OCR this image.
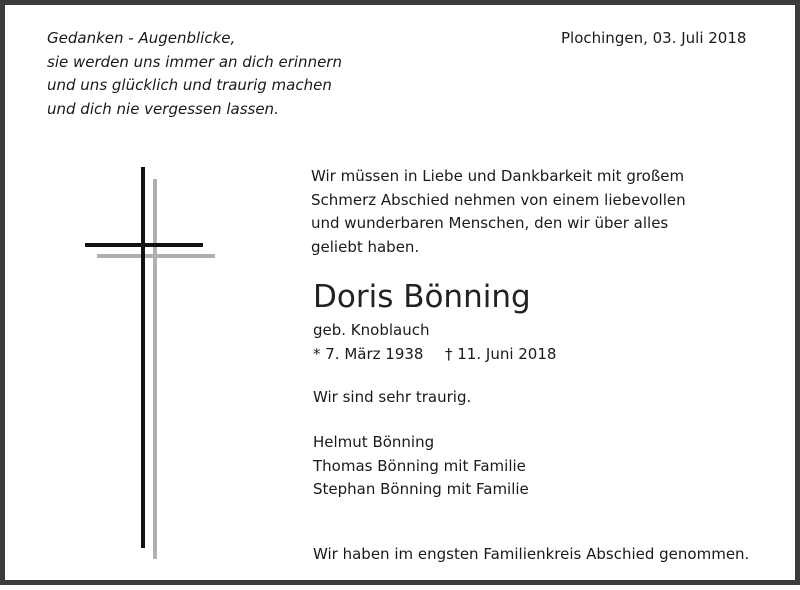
Gedanken - Augenblicke,
sie werden uns immer an dich erinnern
und uns glücklich und traurig machen
und dich nie vergessen lassen.
Plochingen, 03. Juli 2018
Wir müssen in Liebe und Dankbarkeit mit großem
Schmerz Abschied nehmen von einem liebevollen
und wunderbaren Menschen, den wir über alles
geliebt haben.
Doris Bönning
geb. Knoblauch
* 7. März 1938 † 11. Juni 2018
Wir sind sehr traurig.
Helmut Bönning
Thomas Bönning mit Familie
Stephan Bönning mit Familie
Wir haben im engsten Familienkreis Abschied genommen.
